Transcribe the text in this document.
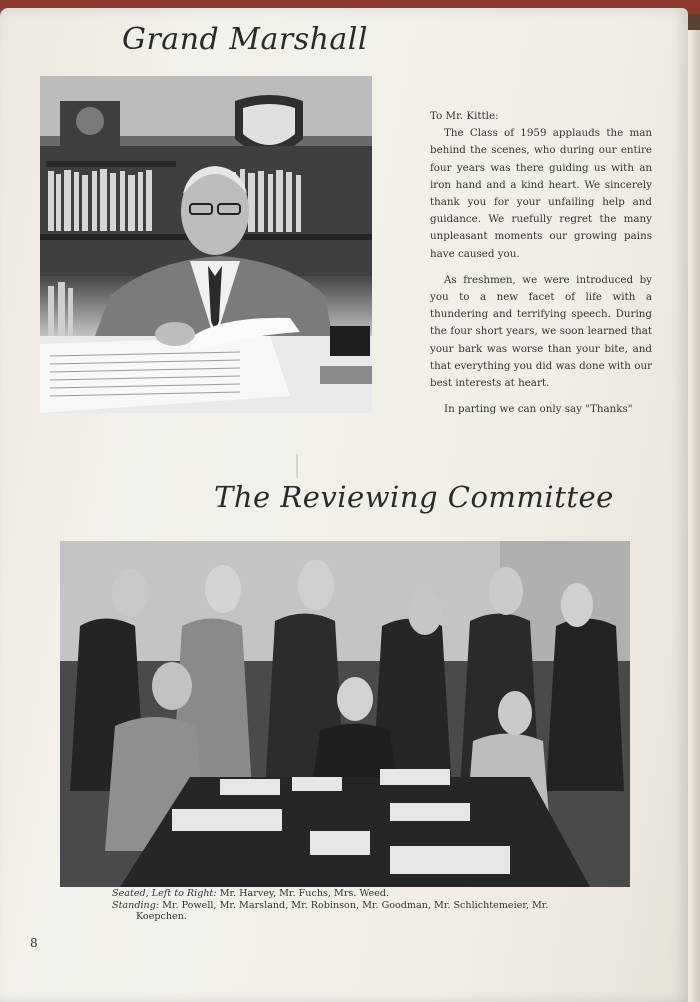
Grand Marshall

To Mr. Kittle:

The Class of 1959 applauds the man behind the scenes, who during our entire four years was there guiding us with an iron hand and a kind heart. We sincerely thank you for your unfailing help and guidance. We ruefully regret the many unpleasant moments our growing pains have caused you.

As freshmen, we were introduced by you to a new facet of life with a thundering and terrifying speech. During the four short years, we soon learned that your bark was worse than your bite, and that everything you did was done with our best interests at heart.

In parting we can only say "Thanks"

The Reviewing Committee
Seated, Left to Right: Mr. Harvey, Mr. Fuchs, Mrs. Weed.
Standing: Mr. Powell, Mr. Marsland, Mr. Robinson, Mr. Goodman, Mr. Schlichtemeier, Mr.
Koepchen.
8
